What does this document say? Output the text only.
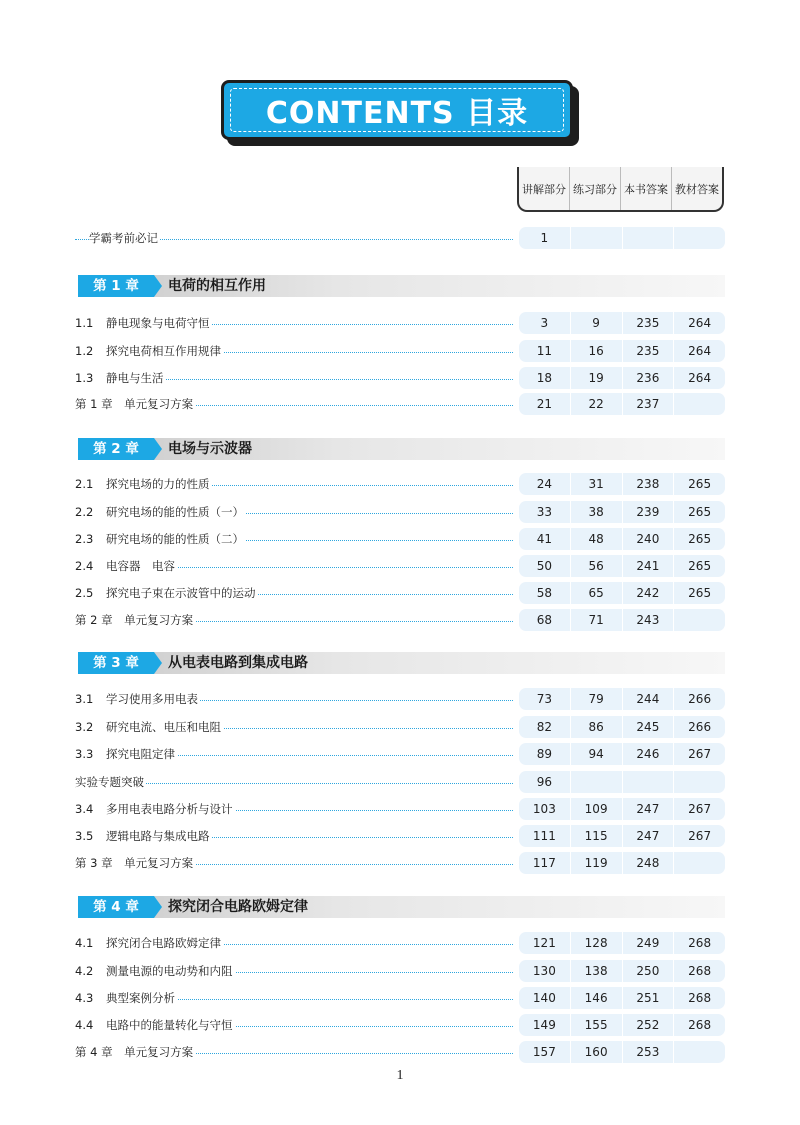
CONTENTS 目录
讲解部分 练习部分 本书答案 教材答案
学霸考前必记	1
第 1 章	电荷的相互作用
1.1 静电现象与电荷守恒	3	9	235	264
1.2 探究电荷相互作用规律	11	16	235	264
1.3 静电与生活	18	19	236	264
第 1 章　单元复习方案	21	22	237
第 2 章	电场与示波器
2.1 探究电场的力的性质	24	31	238	265
2.2 研究电场的能的性质（一）	33	38	239	265
2.3 研究电场的能的性质（二）	41	48	240	265
2.4 电容器　电容	50	56	241	265
2.5 探究电子束在示波管中的运动	58	65	242	265
第 2 章　单元复习方案	68	71	243
第 3 章	从电表电路到集成电路
3.1 学习使用多用电表	73	79	244	266
3.2 研究电流、电压和电阻	82	86	245	266
3.3 探究电阻定律	89	94	246	267
实验专题突破	96
3.4 多用电表电路分析与设计	103	109	247	267
3.5 逻辑电路与集成电路	111	115	247	267
第 3 章　单元复习方案	117	119	248
第 4 章	探究闭合电路欧姆定律
4.1 探究闭合电路欧姆定律	121	128	249	268
4.2 测量电源的电动势和内阻	130	138	250	268
4.3 典型案例分析	140	146	251	268
4.4 电路中的能量转化与守恒	149	155	252	268
第 4 章　单元复习方案	157	160	253
1
